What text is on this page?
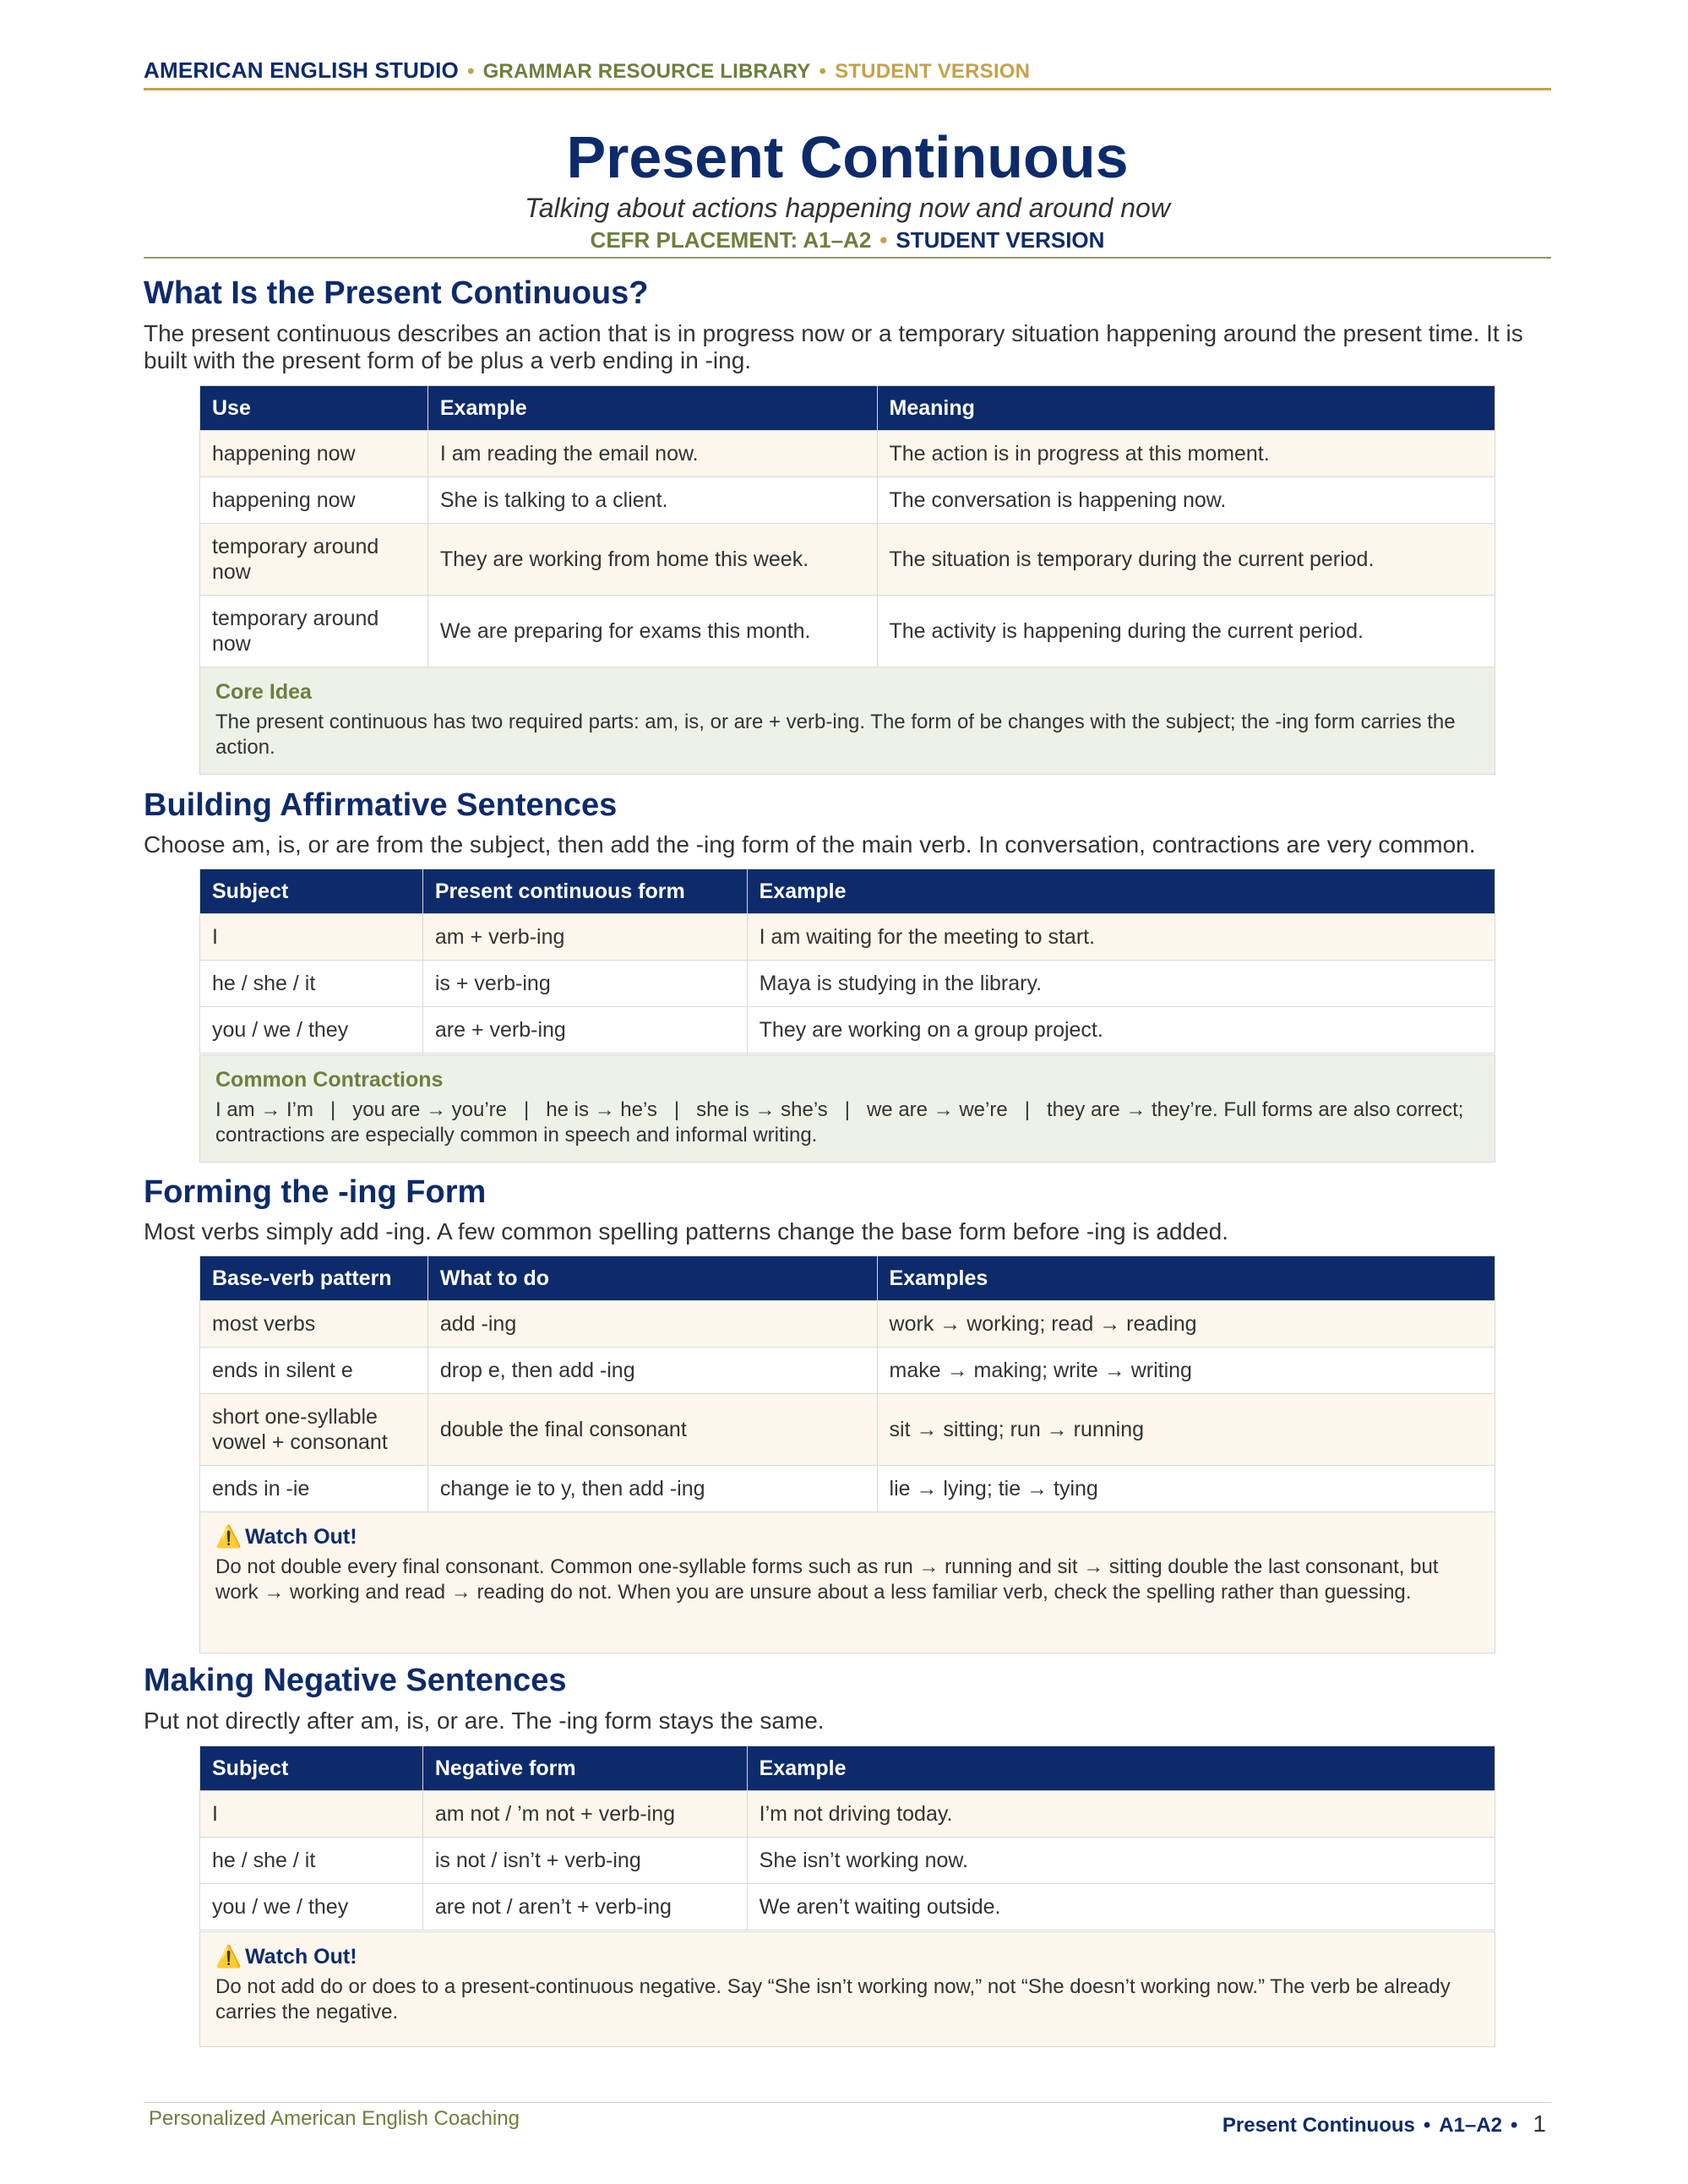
AMERICAN ENGLISH STUDIO • GRAMMAR RESOURCE LIBRARY • STUDENT VERSION
Present Continuous
Talking about actions happening now and around now
CEFR PLACEMENT: A1–A2 • STUDENT VERSION
What Is the Present Continuous?

The present continuous describes an action that is in progress now or a temporary situation happening around the present time. It is built with the present form of be plus a verb ending in -ing.

Use	Example	Meaning
happening now	I am reading the email now.	The action is in progress at this moment.
happening now	She is talking to a client.	The conversation is happening now.
temporary around now	They are working from home this week.	The situation is temporary during the current period.
temporary around now	We are preparing for exams this month.	The activity is happening during the current period.
Core Idea
The present continuous has two required parts: am, is, or are + verb-ing. The form of be changes with the subject; the -ing form carries the action.
Building Affirmative Sentences

Choose am, is, or are from the subject, then add the -ing form of the main verb. In conversation, contractions are very common.

Subject	Present continuous form	Example
I	am + verb-ing	I am waiting for the meeting to start.
he / she / it	is + verb-ing	Maya is studying in the library.
you / we / they	are + verb-ing	They are working on a group project.
Common Contractions
I am → I’m   |   you are → you’re   |   he is → he’s   |   she is → she’s   |   we are → we’re   |   they are → they’re. Full forms are also correct; contractions are especially common in speech and informal writing.
Forming the -ing Form

Most verbs simply add -ing. A few common spelling patterns change the base form before -ing is added.

Base-verb pattern	What to do	Examples
most verbs	add -ing	work → working; read → reading
ends in silent e	drop e, then add -ing	make → making; write → writing
short one-syllable vowel + consonant	double the final consonant	sit → sitting; run → running
ends in -ie	change ie to y, then add -ing	lie → lying; tie → tying
⚠️ Watch Out!
Do not double every final consonant. Common one-syllable forms such as run → running and sit → sitting double the last consonant, but work → working and read → reading do not. When you are unsure about a less familiar verb, check the spelling rather than guessing.
Making Negative Sentences

Put not directly after am, is, or are. The -ing form stays the same.

Subject	Negative form	Example
I	am not / ’m not + verb-ing	I’m not driving today.
he / she / it	is not / isn’t + verb-ing	She isn’t working now.
you / we / they	are not / aren’t + verb-ing	We aren’t waiting outside.
⚠️ Watch Out!
Do not add do or does to a present-continuous negative. Say “She isn’t working now,” not “She doesn’t working now.” The verb be already carries the negative.
Personalized American English Coaching	Present Continuous • A1–A2 • 1
